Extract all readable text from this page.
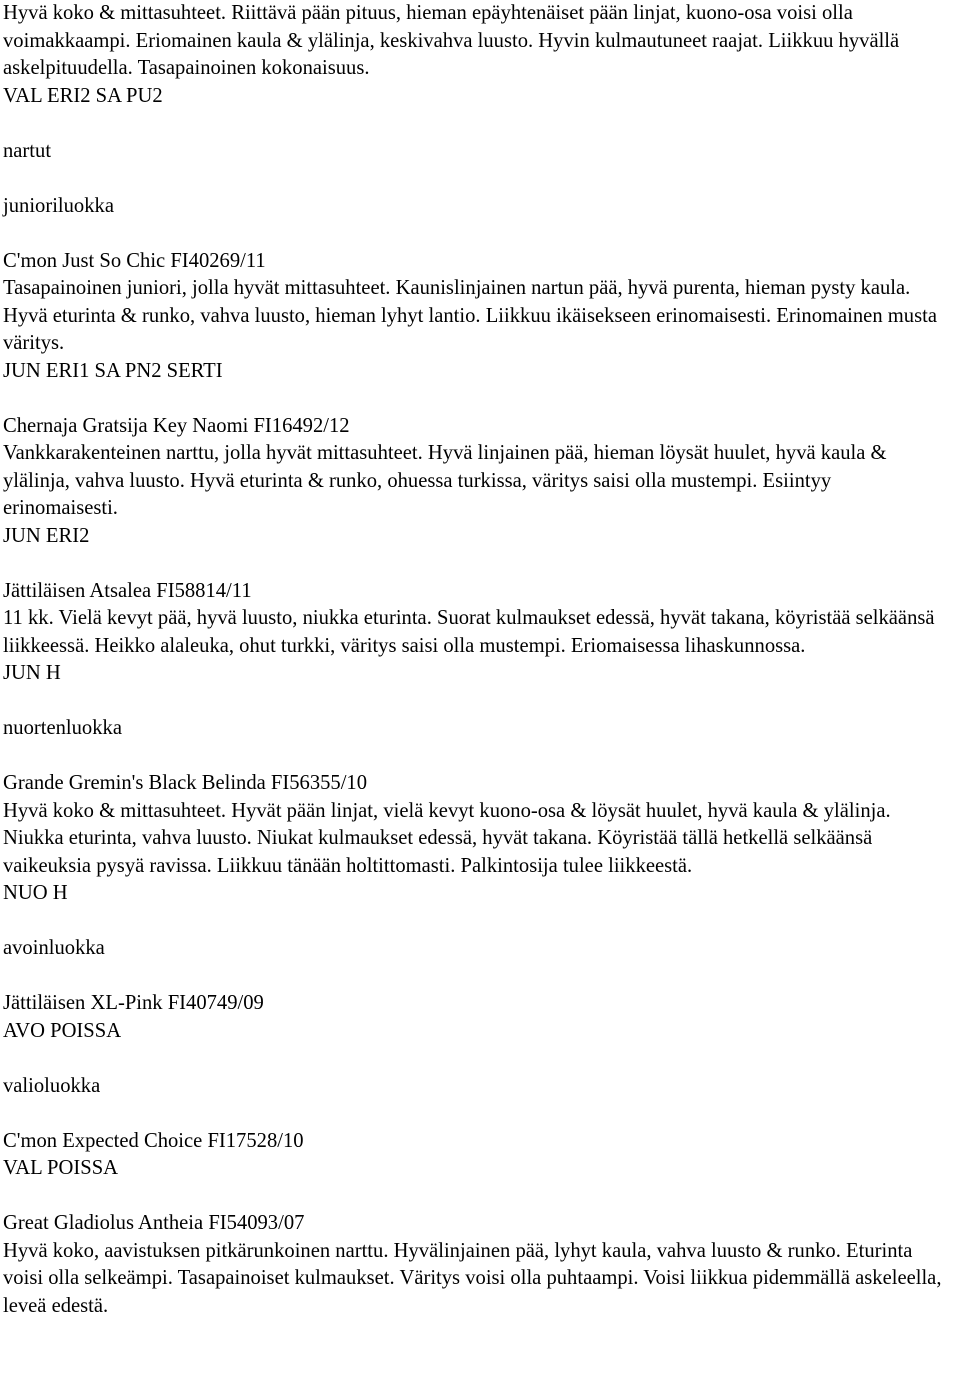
Hyvä koko & mittasuhteet. Riittävä pään pituus, hieman epäyhtenäiset pään linjat, kuono-osa voisi olla voimakkaampi. Eriomainen kaula & ylälinja, keskivahva luusto. Hyvin kulmautuneet raajat. Liikkuu hyvällä askelpituudella. Tasapainoinen kokonaisuus.

VAL ERI2 SA PU2

nartut

junioriluokka

C'mon Just So Chic FI40269/11

Tasapainoinen juniori, jolla hyvät mittasuhteet. Kaunislinjainen nartun pää, hyvä purenta, hieman pysty kaula. Hyvä eturinta & runko, vahva luusto, hieman lyhyt lantio. Liikkuu ikäisekseen erinomaisesti. Erinomainen musta väritys.

JUN ERI1 SA PN2 SERTI

Chernaja Gratsija Key Naomi FI16492/12

Vankkarakenteinen narttu, jolla hyvät mittasuhteet. Hyvä linjainen pää, hieman löysät huulet, hyvä kaula & ylälinja, vahva luusto. Hyvä eturinta & runko, ohuessa turkissa, väritys saisi olla mustempi. Esiintyy erinomaisesti.

JUN ERI2

Jättiläisen Atsalea FI58814/11

11 kk. Vielä kevyt pää, hyvä luusto, niukka eturinta. Suorat kulmaukset edessä, hyvät takana, köyristää selkäänsä liikkeessä. Heikko alaleuka, ohut turkki, väritys saisi olla mustempi. Eriomaisessa lihaskunnossa.

JUN H

nuortenluokka

Grande Gremin's Black Belinda FI56355/10

Hyvä koko & mittasuhteet. Hyvät pään linjat, vielä kevyt kuono-osa & löysät huulet, hyvä kaula & ylälinja. Niukka eturinta, vahva luusto. Niukat kulmaukset edessä, hyvät takana. Köyristää tällä hetkellä selkäänsä vaikeuksia pysyä ravissa. Liikkuu tänään holtittomasti. Palkintosija tulee liikkeestä.

NUO H

avoinluokka

Jättiläisen XL-Pink FI40749/09

AVO POISSA

valioluokka

C'mon Expected Choice FI17528/10

VAL POISSA

Great Gladiolus Antheia FI54093/07

Hyvä koko, aavistuksen pitkärunkoinen narttu. Hyvälinjainen pää, lyhyt kaula, vahva luusto & runko. Eturinta voisi olla selkeämpi. Tasapainoiset kulmaukset. Väritys voisi olla puhtaampi. Voisi liikkua pidemmällä askeleella, leveä edestä.
